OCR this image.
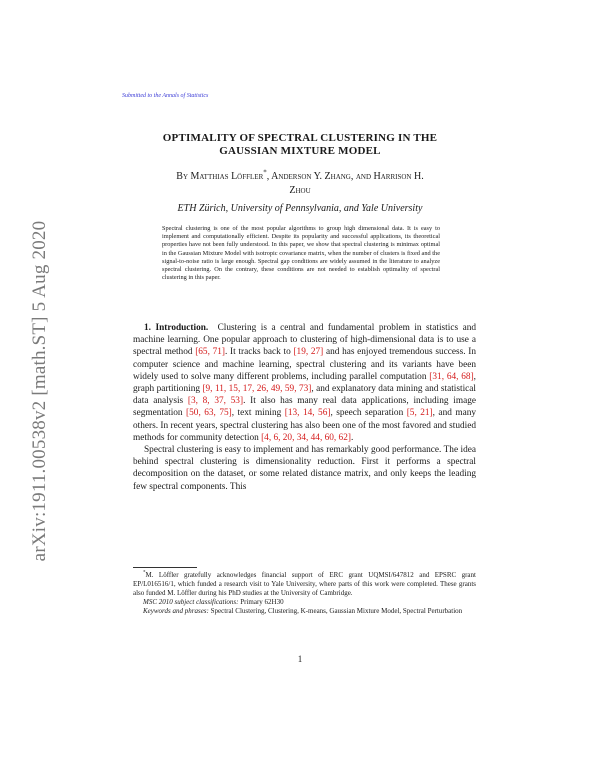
arXiv:1911.00538v2 [math.ST] 5 Aug 2020
Submitted to the Annals of Statistics
OPTIMALITY OF SPECTRAL CLUSTERING IN THE
GAUSSIAN MIXTURE MODEL
By Matthias Löffler*, Anderson Y. Zhang, and Harrison H.
Zhou
ETH Zürich, University of Pennsylvania, and Yale University

Spectral clustering is one of the most popular algorithms to group high dimensional data. It is easy to implement and computationally efficient. Despite its popularity and successful applications, its theoretical properties have not been fully understood. In this paper, we show that spectral clustering is minimax optimal in the Gaussian Mixture Model with isotropic covariance matrix, when the number of clusters is fixed and the signal-to-noise ratio is large enough. Spectral gap conditions are widely assumed in the literature to analyze spectral clustering. On the contrary, these conditions are not needed to establish optimality of spectral clustering in this paper.

1. Introduction.  Clustering is a central and fundamental problem in statistics and machine learning. One popular approach to clustering of high-dimensional data is to use a spectral method [65, 71]. It tracks back to [19, 27] and has enjoyed tremendous success. In computer science and machine learning, spectral clustering and its variants have been widely used to solve many different problems, including parallel computation [31, 64, 68], graph partitioning [9, 11, 15, 17, 26, 49, 59, 73], and explanatory data mining and statistical data analysis [3, 8, 37, 53]. It also has many real data applications, including image segmentation [50, 63, 75], text mining [13, 14, 56], speech separation [5, 21], and many others. In recent years, spectral clustering has also been one of the most favored and studied methods for community detection [4, 6, 20, 34, 44, 60, 62].

Spectral clustering is easy to implement and has remarkably good performance. The idea behind spectral clustering is dimensionality reduction. First it performs a spectral decomposition on the dataset, or some related distance matrix, and only keeps the leading few spectral components. This

*M. Löffler gratefully acknowledges financial support of ERC grant UQMSI/647812 and EPSRC grant EP/L016516/1, which funded a research visit to Yale University, where parts of this work were completed. These grants also funded M. Löffler during his PhD studies at the University of Cambridge.

MSC 2010 subject classifications: Primary 62H30

Keywords and phrases: Spectral Clustering, Clustering, K-means, Gaussian Mixture Model, Spectral Perturbation

1
